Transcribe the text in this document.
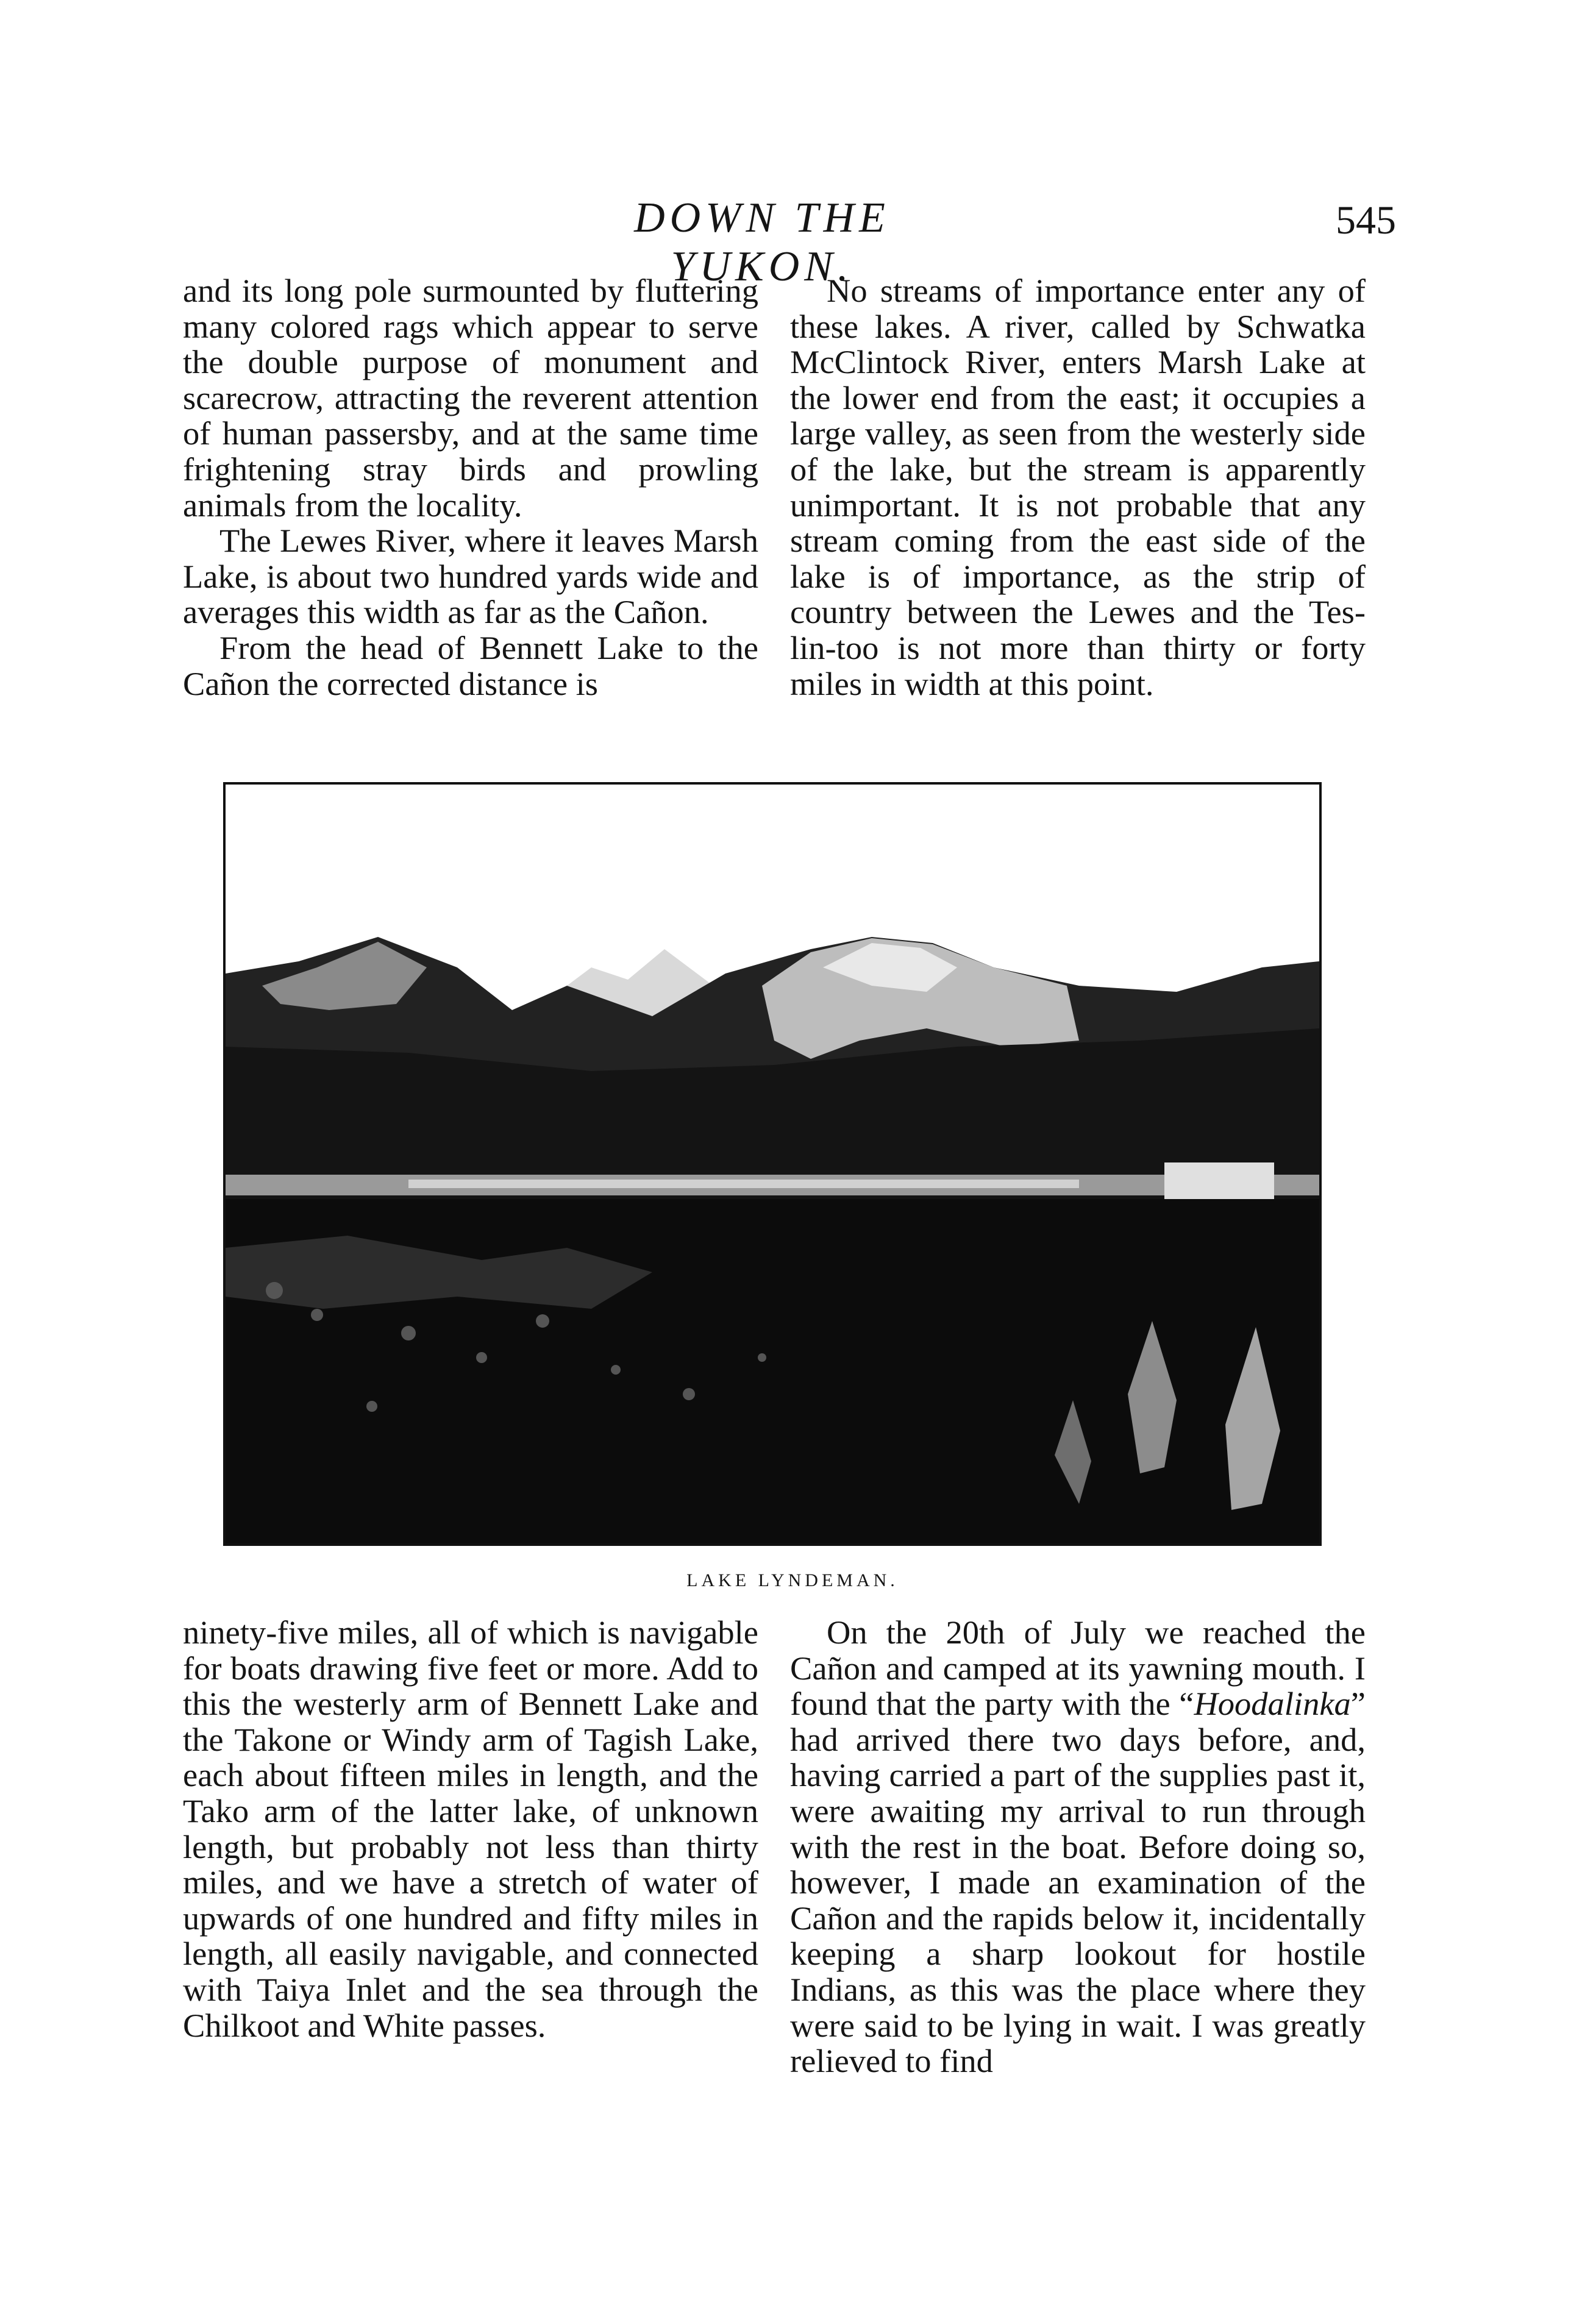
DOWN THE YUKON.
545

and its long pole surmounted by fluttering many colored rags which appear to serve the double purpose of monument and scarecrow, attracting the reverent attention of human passersby, and at the same time frightening stray birds and prowling animals from the locality.

The Lewes River, where it leaves Marsh Lake, is about two hundred yards wide and averages this width as far as the Cañon.

From the head of Bennett Lake to the Cañon the corrected distance is

No streams of importance enter any of these lakes. A river, called by Schwatka McClintock River, enters Marsh Lake at the lower end from the east; it occupies a large valley, as seen from the westerly side of the lake, but the stream is apparently unimportant. It is not probable that any stream coming from the east side of the lake is of importance, as the strip of country between the Lewes and the Tes-lin-too is not more than thirty or forty miles in width at this point.

LAKE LYNDEMAN.

ninety-five miles, all of which is navigable for boats drawing five feet or more. Add to this the westerly arm of Bennett Lake and the Takone or Windy arm of Tagish Lake, each about fifteen miles in length, and the Tako arm of the latter lake, of unknown length, but probably not less than thirty miles, and we have a stretch of water of upwards of one hundred and fifty miles in length, all easily navigable, and connected with Taiya Inlet and the sea through the Chilkoot and White passes.

On the 20th of July we reached the Cañon and camped at its yawning mouth. I found that the party with the “Hoodalinka” had arrived there two days before, and, having carried a part of the supplies past it, were awaiting my arrival to run through with the rest in the boat. Before doing so, however, I made an examination of the Cañon and the rapids below it, incidentally keeping a sharp lookout for hostile Indians, as this was the place where they were said to be lying in wait. I was greatly relieved to find
